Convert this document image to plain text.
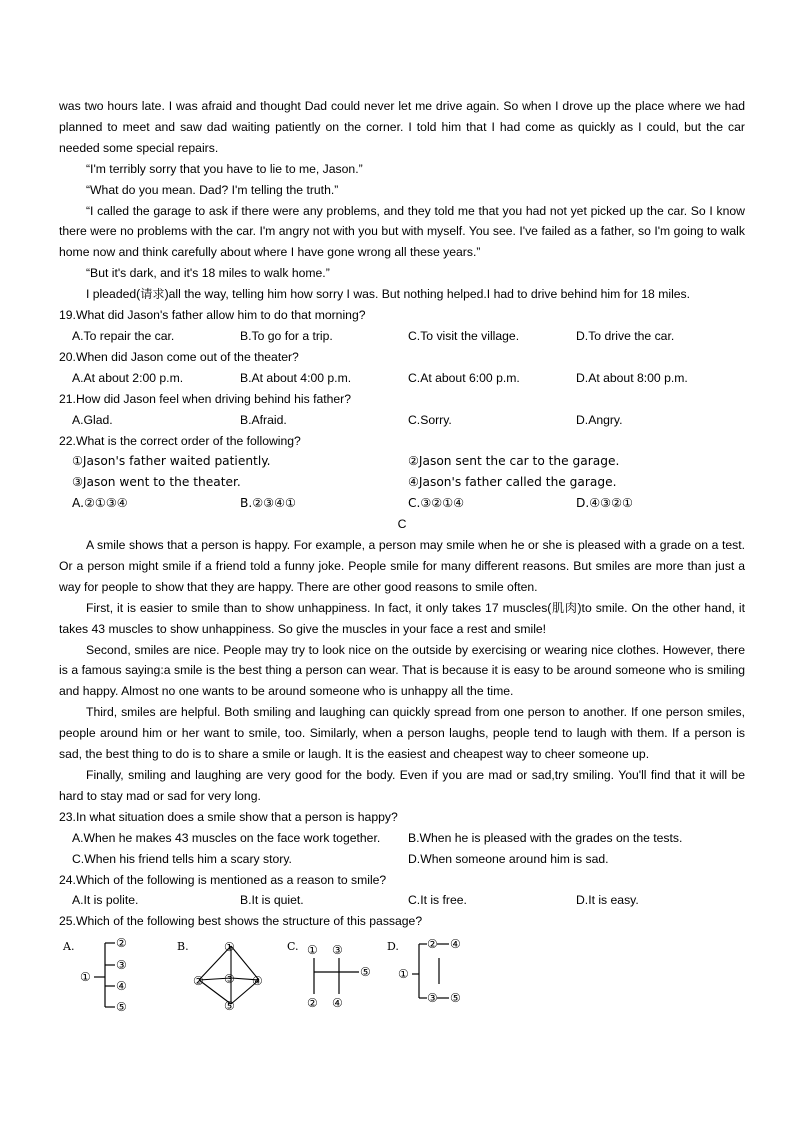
was two hours late. I was afraid and thought Dad could never let me drive again. So when I drove up the place where we had planned to meet and saw dad waiting patiently on the corner. I told him that I had come as quickly as I could, but the car needed some special repairs.

“I'm terribly sorry that you have to lie to me, Jason.”

“What do you mean. Dad? I'm telling the truth.”

“I called the garage to ask if there were any problems, and they told me that you had not yet picked up the car. So I know there were no problems with the car. I'm angry not with you but with myself. You see. I've failed as a father, so I'm going to walk home now and think carefully about where I have gone wrong all these years.”

“But it's dark, and it's 18 miles to walk home.”

I pleaded(请求)all the way, telling him how sorry I was. But nothing helped.I had to drive behind him for 18 miles.

19.What did Jason's father allow him to do that morning?
A.To repair the car.	B.To go for a trip.	C.To visit the village.	D.To drive the car.
20.When did Jason come out of the theater?
A.At about 2:00 p.m.	B.At about 4:00 p.m.	C.At about 6:00 p.m.	D.At about 8:00 p.m.
21.How did Jason feel when driving behind his father?
A.Glad.	B.Afraid.	C.Sorry.	D.Angry.
22.What is the correct order of the following?
①Jason's father waited patiently.	②Jason sent the car to the garage.
③Jason went to the theater.	④Jason's father called the garage.
A.②①③④	B.②③④①	C.③②①④	D.④③②①
C

A smile shows that a person is happy. For example, a person may smile when he or she is pleased with a grade on a test. Or a person might smile if a friend told a funny joke. People smile for many different reasons. But smiles are more than just a way for people to show that they are happy. There are other good reasons to smile often.

First, it is easier to smile than to show unhappiness. In fact, it only takes 17 muscles(肌肉)to smile. On the other hand, it takes 43 muscles to show unhappiness. So give the muscles in your face a rest and smile!

Second, smiles are nice. People may try to look nice on the outside by exercising or wearing nice clothes. However, there is a famous saying:a smile is the best thing a person can wear. That is because it is easy to be around someone who is smiling and happy. Almost no one wants to be around someone who is unhappy all the time.

Third, smiles are helpful. Both smiling and laughing can quickly spread from one person to another. If one person smiles, people around him or her want to smile, too. Similarly, when a person laughs, people tend to laugh with them. If a person is sad, the best thing to do is to share a smile or laugh. It is the easiest and cheapest way to cheer someone up.

Finally, smiling and laughing are very good for the body. Even if you are mad or sad,try smiling. You'll find that it will be hard to stay mad or sad for very long.

23.In what situation does a smile show that a person is happy?
A.When he makes 43 muscles on the face work together.	B.When he is pleased with the grades on the tests.
C.When his friend tells him a scary story.	D.When someone around him is sad.
24.Which of the following is mentioned as a reason to smile?
A.It is polite.	B.It is quiet.	C.It is free.	D.It is easy.
25.Which of the following best shows the structure of this passage?
A.
①
②
③
④
⑤
B.	①
② ③ ④
⑤
C. ① ③
⑤
② ④
D.
①
② ④
③ ⑤
